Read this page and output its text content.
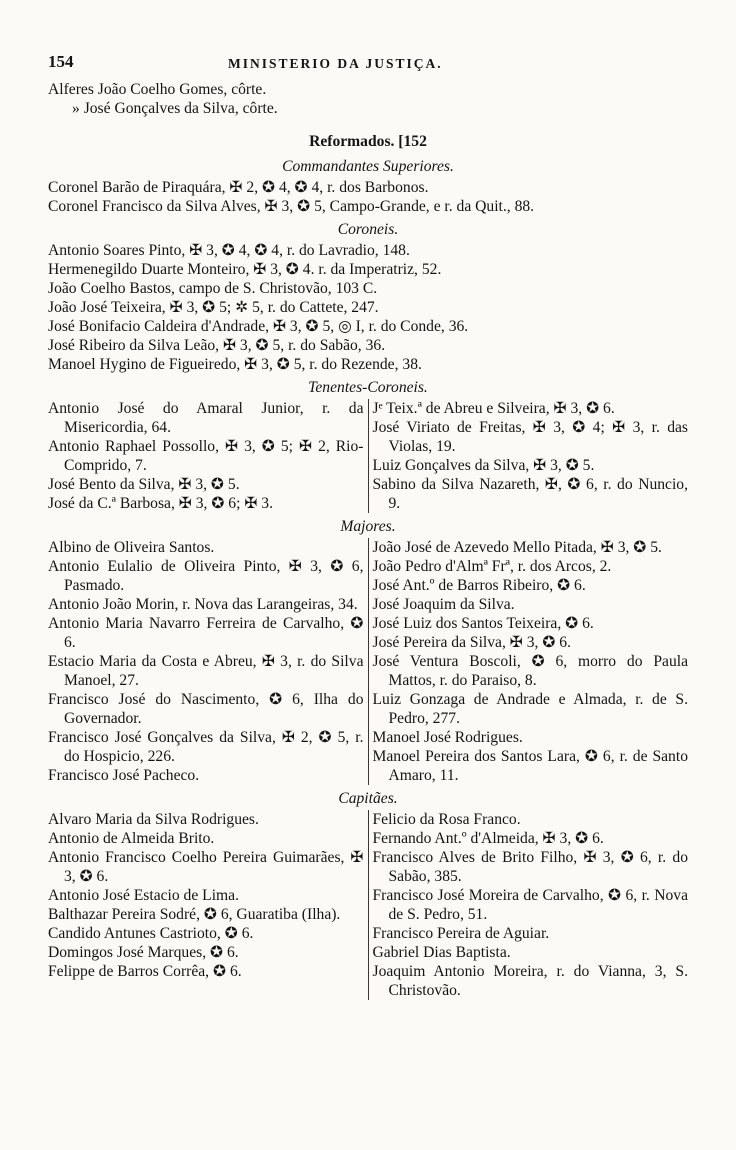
154	MINISTERIO DA JUSTIÇA.
Alferes João Coelho Gomes, côrte.
» José Gonçalves da Silva, côrte.
Reformados. [152
Commandantes Superiores.
Coronel Barão de Piraquára, ✠ 2, ✪ 4, ✪ 4, r. dos Barbonos.
Coronel Francisco da Silva Alves, ✠ 3, ✪ 5, Campo-Grande, e r. da Quit., 88.
Coroneis.
Antonio Soares Pinto, ✠ 3, ✪ 4, ✪ 4, r. do Lavradio, 148.
Hermenegildo Duarte Monteiro, ✠ 3, ✪ 4. r. da Imperatriz, 52.
João Coelho Bastos, campo de S. Christovão, 103 C.
João José Teixeira, ✠ 3, ✪ 5; ✲ 5, r. do Cattete, 247.
José Bonifacio Caldeira d'Andrade, ✠ 3, ✪ 5, ◎ I, r. do Conde, 36.
José Ribeiro da Silva Leão, ✠ 3, ✪ 5, r. do Sabão, 36.
Manoel Hygino de Figueiredo, ✠ 3, ✪ 5, r. do Rezende, 38.
Tenentes-Coroneis.
Antonio José do Amaral Junior, r. da Misericordia, 64.
Antonio Raphael Possollo, ✠ 3, ✪ 5; ✠ 2, Rio-Comprido, 7.
José Bento da Silva, ✠ 3, ✪ 5.
José da C.ª Barbosa, ✠ 3, ✪ 6; ✠ 3.
Jᵉ Teix.ª de Abreu e Silveira, ✠ 3, ✪ 6.
José Viriato de Freitas, ✠ 3, ✪ 4; ✠ 3, r. das Violas, 19.
Luiz Gonçalves da Silva, ✠ 3, ✪ 5.
Sabino da Silva Nazareth, ✠, ✪ 6, r. do Nuncio, 9.
Majores.
Albino de Oliveira Santos.
Antonio Eulalio de Oliveira Pinto, ✠ 3, ✪ 6, Pasmado.
Antonio João Morin, r. Nova das Larangeiras, 34.
Antonio Maria Navarro Ferreira de Carvalho, ✪ 6.
Estacio Maria da Costa e Abreu, ✠ 3, r. do Silva Manoel, 27.
Francisco José do Nascimento, ✪ 6, Ilha do Governador.
Francisco José Gonçalves da Silva, ✠ 2, ✪ 5, r. do Hospicio, 226.
Francisco José Pacheco.
João José de Azevedo Mello Pitada, ✠ 3, ✪ 5.
João Pedro d'Almª Frª, r. dos Arcos, 2.
José Ant.º de Barros Ribeiro, ✪ 6.
José Joaquim da Silva.
José Luiz dos Santos Teixeira, ✪ 6.
José Pereira da Silva, ✠ 3, ✪ 6.
José Ventura Boscoli, ✪ 6, morro do Paula Mattos, r. do Paraiso, 8.
Luiz Gonzaga de Andrade e Almada, r. de S. Pedro, 277.
Manoel José Rodrigues.
Manoel Pereira dos Santos Lara, ✪ 6, r. de Santo Amaro, 11.
Capitães.
Alvaro Maria da Silva Rodrigues.
Antonio de Almeida Brito.
Antonio Francisco Coelho Pereira Guimarães, ✠ 3, ✪ 6.
Antonio José Estacio de Lima.
Balthazar Pereira Sodré, ✪ 6, Guaratiba (Ilha).
Candido Antunes Castrioto, ✪ 6.
Domingos José Marques, ✪ 6.
Felippe de Barros Corrêa, ✪ 6.
Felicio da Rosa Franco.
Fernando Ant.º d'Almeida, ✠ 3, ✪ 6.
Francisco Alves de Brito Filho, ✠ 3, ✪ 6, r. do Sabão, 385.
Francisco José Moreira de Carvalho, ✪ 6, r. Nova de S. Pedro, 51.
Francisco Pereira de Aguiar.
Gabriel Dias Baptista.
Joaquim Antonio Moreira, r. do Vianna, 3, S. Christovão.
